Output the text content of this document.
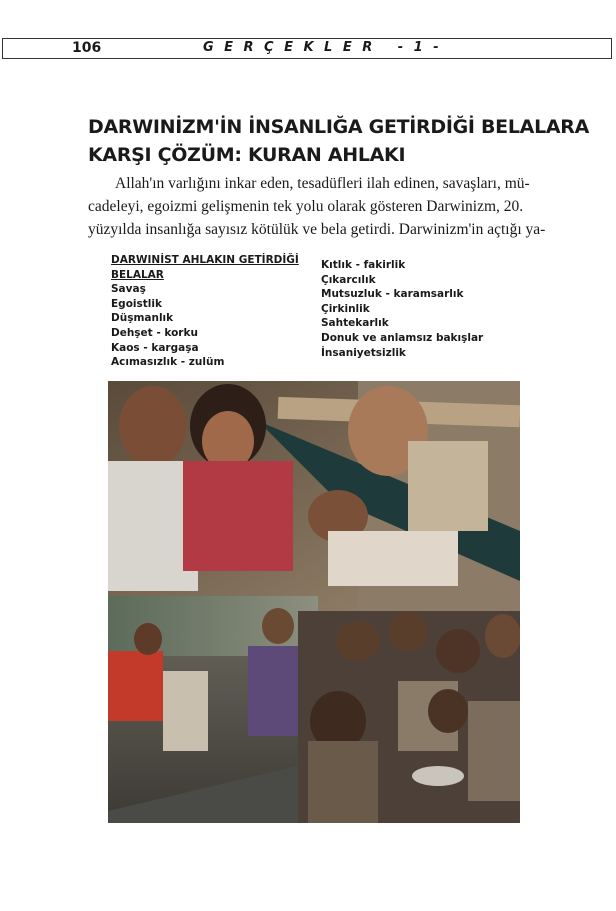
106	GERÇEKLER -1-
DARWINİZM'İN İNSANLIĞA GETİRDİĞİ BELALARA
KARŞI ÇÖZÜM: KURAN AHLAKI
Allah'ın varlığını inkar eden, tesadüfleri ilah edinen, savaşları, mü-
cadeleyi, egoizmi gelişmenin tek yolu olarak gösteren Darwinizm, 20.
yüzyılda insanlığa sayısız kötülük ve bela getirdi. Darwinizm'in açtığı ya-
DARWINİST AHLAKIN GETİRDİĞİ
BELALAR
Savaş
Egoistlik
Düşmanlık
Dehşet - korku
Kaos - kargaşa
Acımasızlık - zulüm
Kıtlık - fakirlik
Çıkarcılık
Mutsuzluk - karamsarlık
Çirkinlik
Sahtekarlık
Donuk ve anlamsız bakışlar
İnsaniyetsizlik
